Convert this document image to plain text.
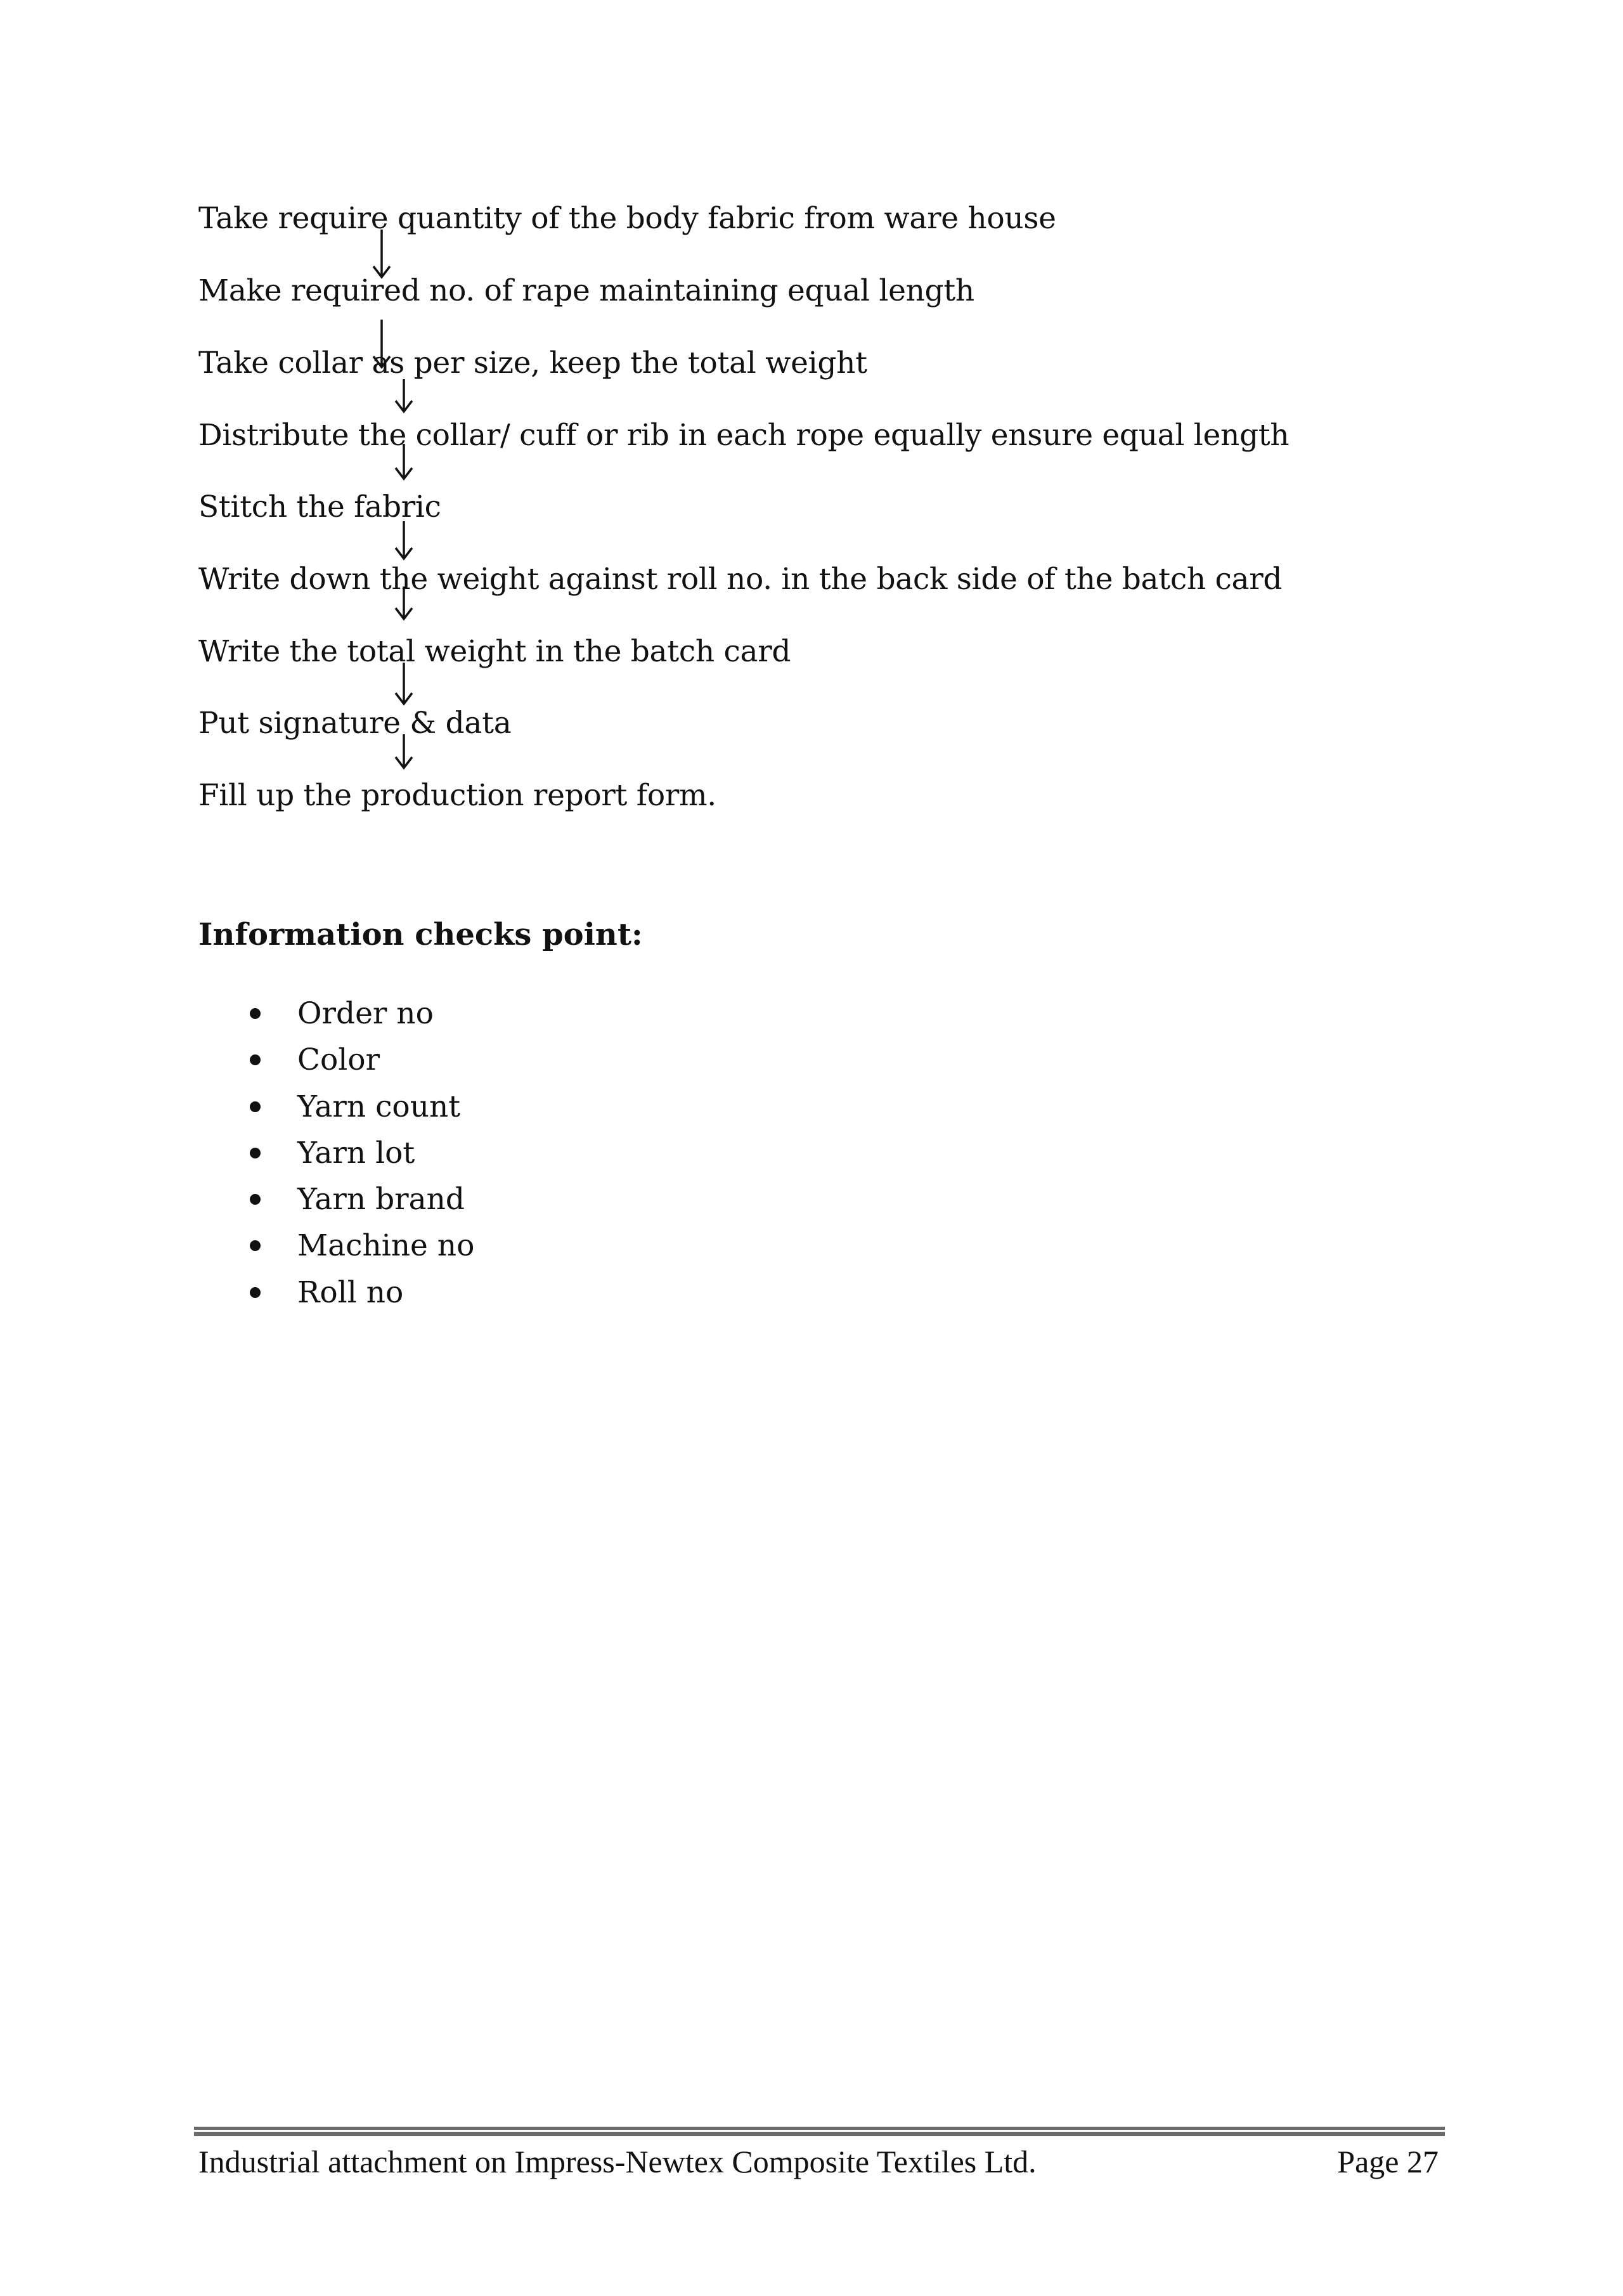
Take require quantity of the body fabric from ware house
Make required no. of rape maintaining equal length
Take collar as per size, keep the total weight
Distribute the collar/ cuff or rib in each rope equally ensure equal length
Stitch the fabric
Write down the weight against roll no. in the back side of the batch card
Write the total weight in the batch card
Put signature & data
Fill up the production report form.
Information checks point:
Order no
Color
Yarn count
Yarn lot
Yarn brand
Machine no
Roll no
Industrial attachment on Impress-Newtex Composite Textiles Ltd.	Page 27
